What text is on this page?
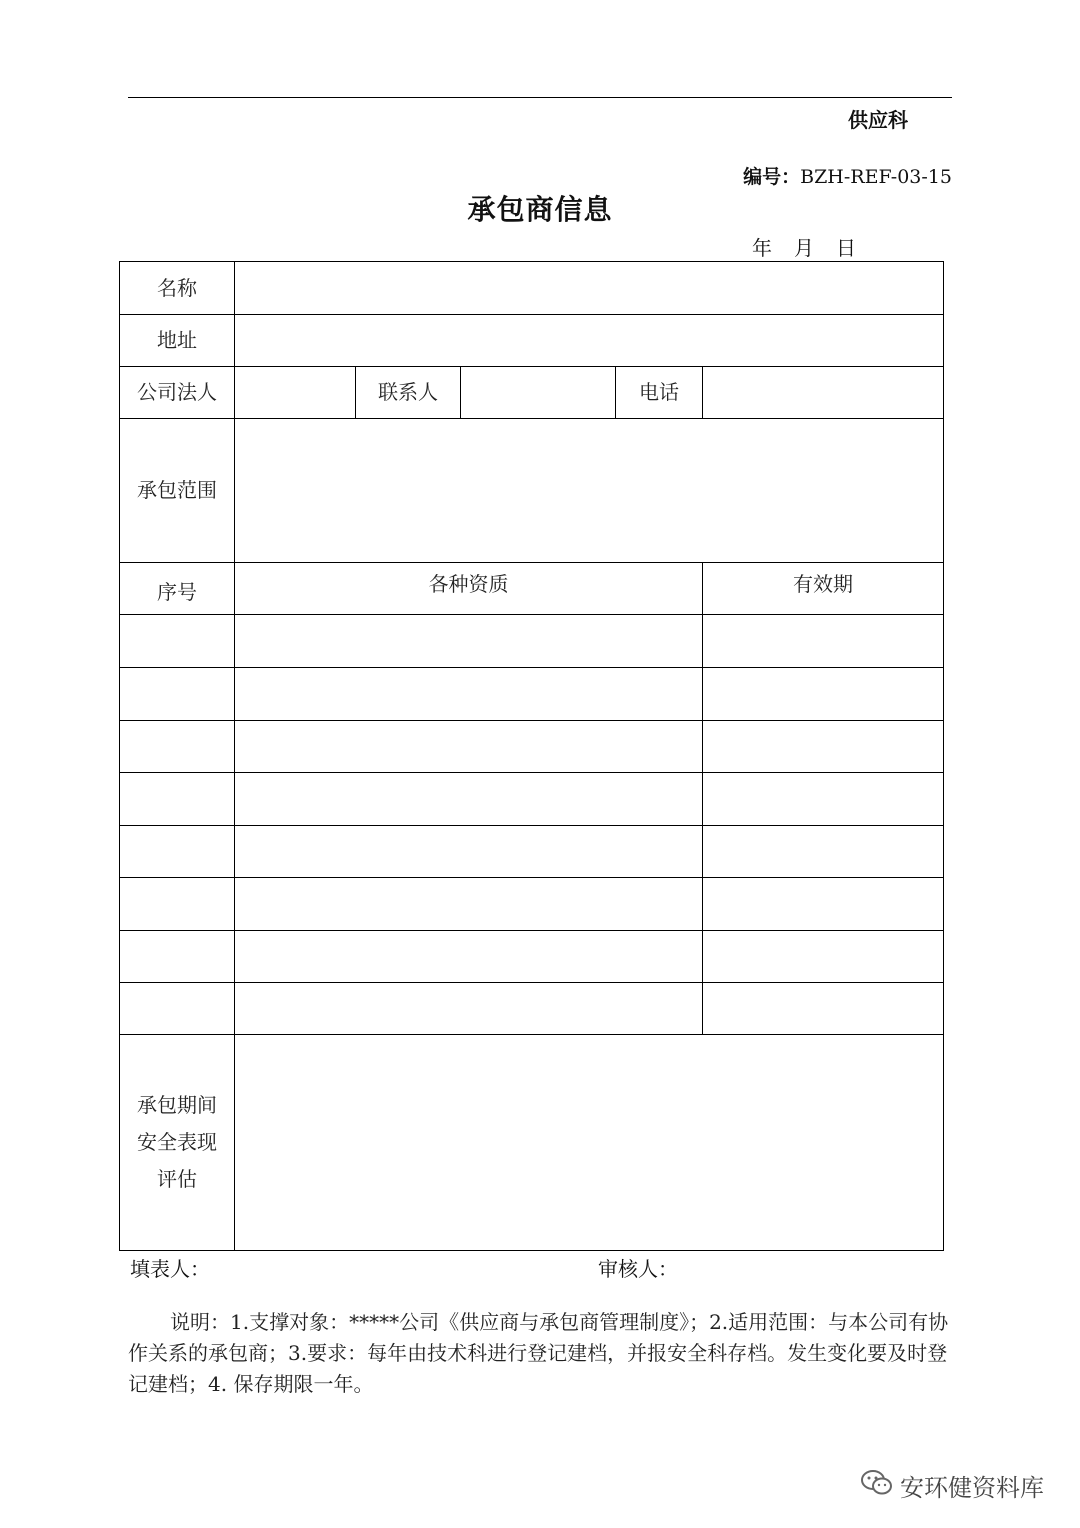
供应科
编号：BZH-REF-03-15
承包商信息
年 月 日
名称
地址
公司法人	联系人	电话
承包范围
序号	各种资质	有效期
承包期间
安全表现
评估
填表人：	审核人：
说明：1.支撑对象：*****公司《供应商与承包商管理制度》；2.适用范围：与本公司有协作关系的承包商；3.要求：每年由技术科进行登记建档，并报安全科存档。发生变化要及时登记建档；4. 保存期限一年。
安环健资料库
